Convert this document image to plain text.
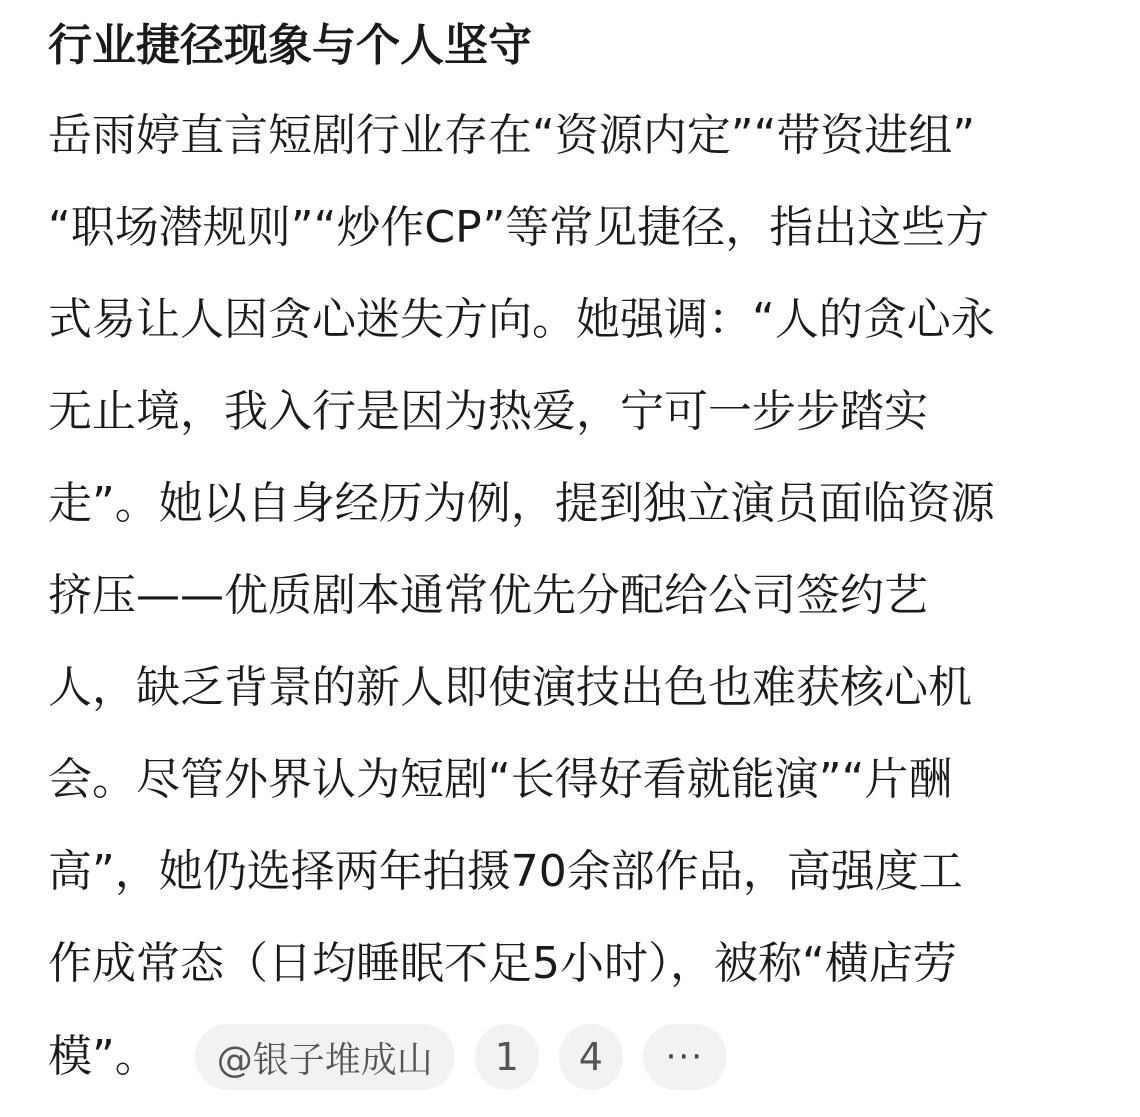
行业捷径现象与个人坚守

岳雨婷直言短剧行业存在“资源内定”“带资进组”

“职场潜规则”“炒作CP”等常见捷径，指出这些方

式易让人因贪心迷失方向。她强调：“人的贪心永

无止境，我入行是因为热爱，宁可一步步踏实

走”。她以自身经历为例，提到独立演员面临资源

挤压——优质剧本通常优先分配给公司签约艺

人，缺乏背景的新人即使演技出色也难获核心机

会。尽管外界认为短剧“长得好看就能演”“片酬

高”，她仍选择两年拍摄70余部作品，高强度工

作成常态（日均睡眠不足5小时），被称“横店劳

模”。	@银子堆成山	1	4	···
